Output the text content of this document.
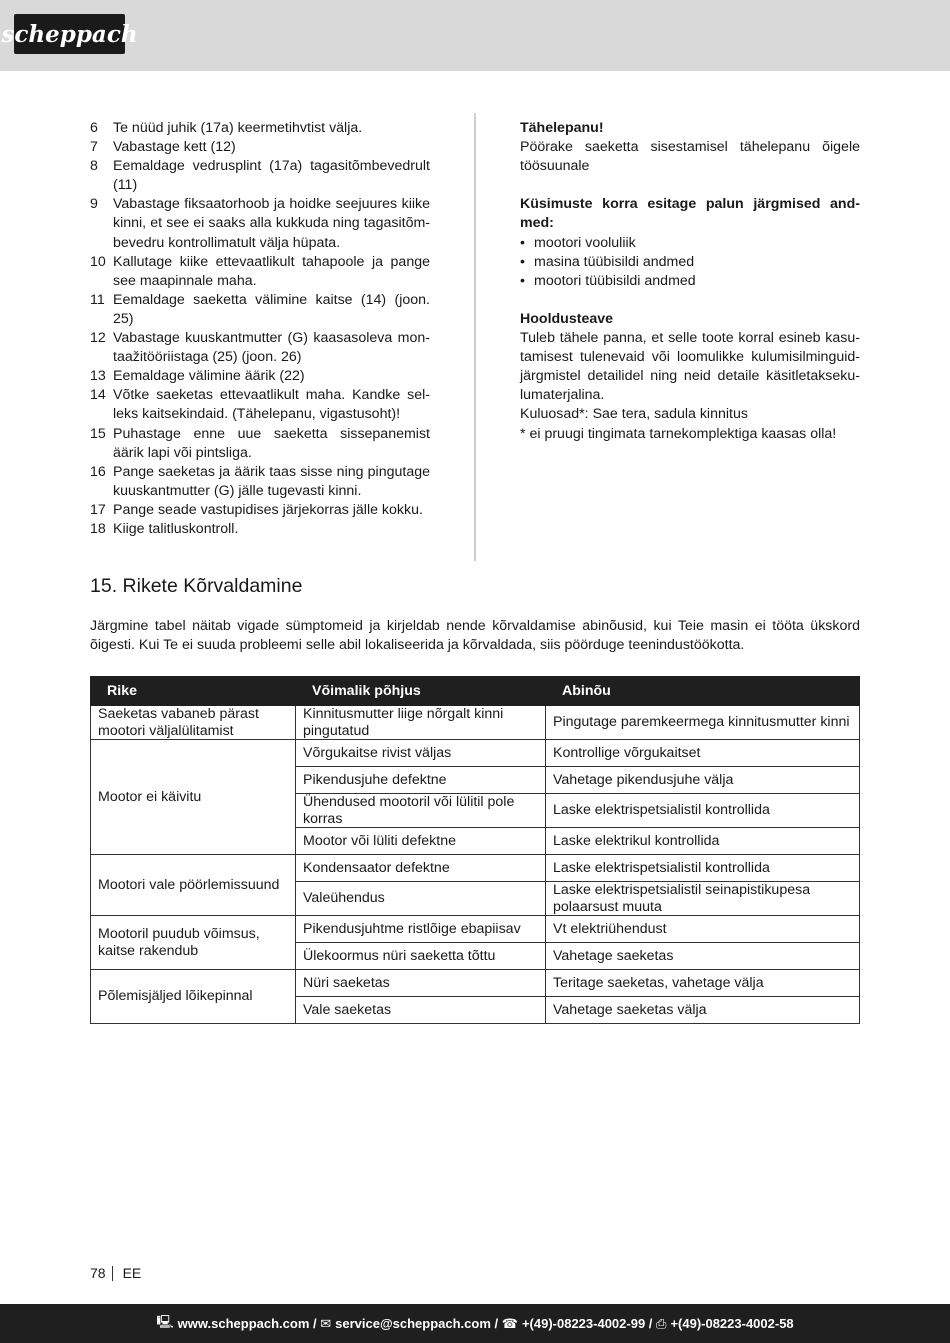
scheppach
6	Te nüüd juhik (17a) keermetihvtist välja.
7	Vabastage kett (12)
8	Eemaldage vedrusplint (17a) tagasitõmbevedrult (11)
9	Vabastage fiksaatorhoob ja hoidke seejuures kiike kinni, et see ei saaks alla kukkuda ning tagasitõm-bevedru kontrollimatult välja hüpata.
10 Kallutage kiike ettevaatlikult tahapoole ja pange see maapinnale maha.
11 Eemaldage saeketta välimine kaitse (14) (joon. 25)
12 Vabastage kuuskantmutter (G) kaasasoleva mon-taažitööriistaga (25) (joon. 26)
13 Eemaldage välimine äärik (22)
14 Võtke saeketas ettevaatlikult maha. Kandke sel-leks kaitsekindaid. (Tähelepanu, vigastusoht)!
15 Puhastage enne uue saeketta sissepanemist äärik lapi või pintsliga.
16 Pange saeketas ja äärik taas sisse ning pingutage kuuskantmutter (G) jälle tugevasti kinni.
17 Pange seade vastupidises järjekorras jälle kokku.
18 Kiige talitluskontroll.

Tähelepanu!

Pöörake saeketta sisestamisel tähelepanu õigele töösuunale

Küsimuste korra esitage palun järgmised and-med:

• mootori vooluliik
• masina tüübisildi andmed
• mootori tüübisildi andmed

Hooldusteave

Tuleb tähele panna, et selle toote korral esineb kasu-tamisest tulenevaid või loomulikke kulumisilminguid-järgmistel detailidel ning neid detaile käsitletakseku-lumaterjalina.

Kuluosad*: Sae tera, sadula kinnitus

* ei pruugi tingimata tarnekomplektiga kaasas olla!

15. Rikete Kõrvaldamine
Järgmine tabel näitab vigade sümptomeid ja kirjeldab nende kõrvaldamise abinõusid, kui Teie masin ei tööta ükskord õigesti. Kui Te ei suuda probleemi selle abil lokaliseerida ja kõrvaldada, siis pöörduge teenindustöökotta.
Rike	Võimalik põhjus	Abinõu
Saeketas vabaneb pärast mootori väljalülitamist	Kinnitusmutter liige nõrgalt kinni pingutatud	Pingutage paremkeermega kinnitusmutter kinni
Mootor ei käivitu	Võrgukaitse rivist väljas	Kontrollige võrgukaitset
	Pikendusjuhe defektne	Vahetage pikendusjuhe välja
	Ühendused mootoril või lülitil pole korras	Laske elektrispetsialistil kontrollida
	Mootor või lüliti defektne	Laske elektrikul kontrollida
Mootori vale pöörlemissuund	Kondensaator defektne	Laske elektrispetsialistil kontrollida
	Valeühendus	Laske elektrispetsialistil seinapistikupesa polaarsust muuta
Mootoril puudub võimsus, kaitse rakendub	Pikendusjuhtme ristlõige ebapiisav	Vt elektriühendust
	Ülekoormus nüri saeketta tõttu	Vahetage saeketas
Põlemisjäljed lõikepinnal	Nüri saeketas	Teritage saeketas, vahetage välja
	Vale saeketas	Vahetage saeketas välja
78 EE
🖳 www.scheppach.com /
✉ service@scheppach.com /
☎ +(49)-08223-4002-99 /
⎙ +(49)-08223-4002-58
